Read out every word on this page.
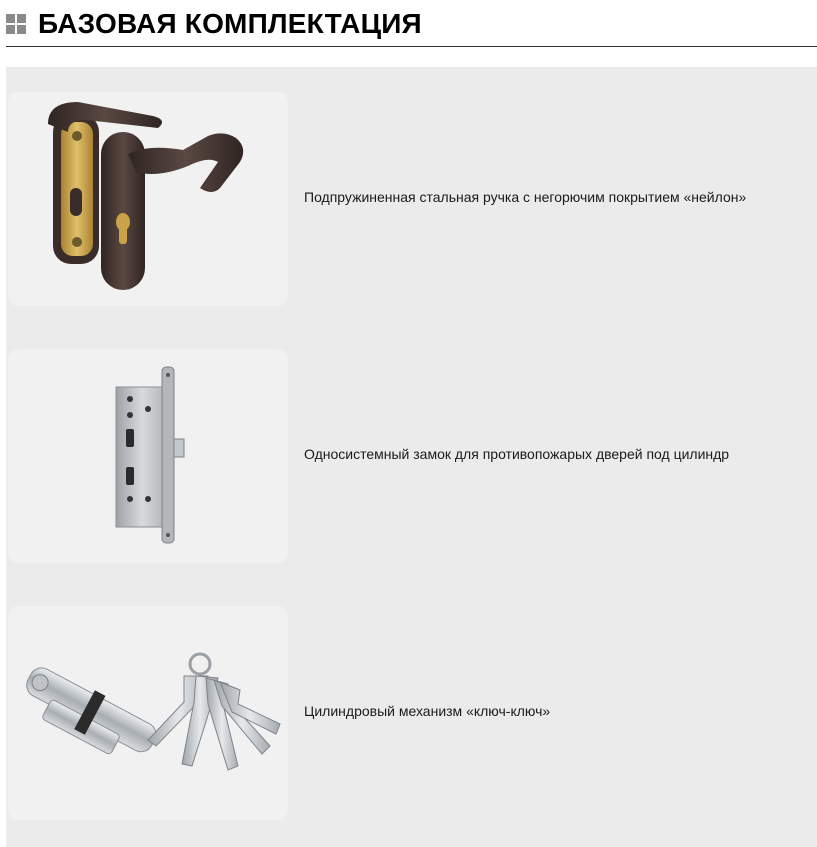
БАЗОВАЯ КОМПЛЕКТАЦИЯ

Подпружиненная стальная ручка с негорючим покрытием «нейлон»

Односистемный замок для противопожарых дверей под цилиндр

Цилиндровый механизм «ключ-ключ»
